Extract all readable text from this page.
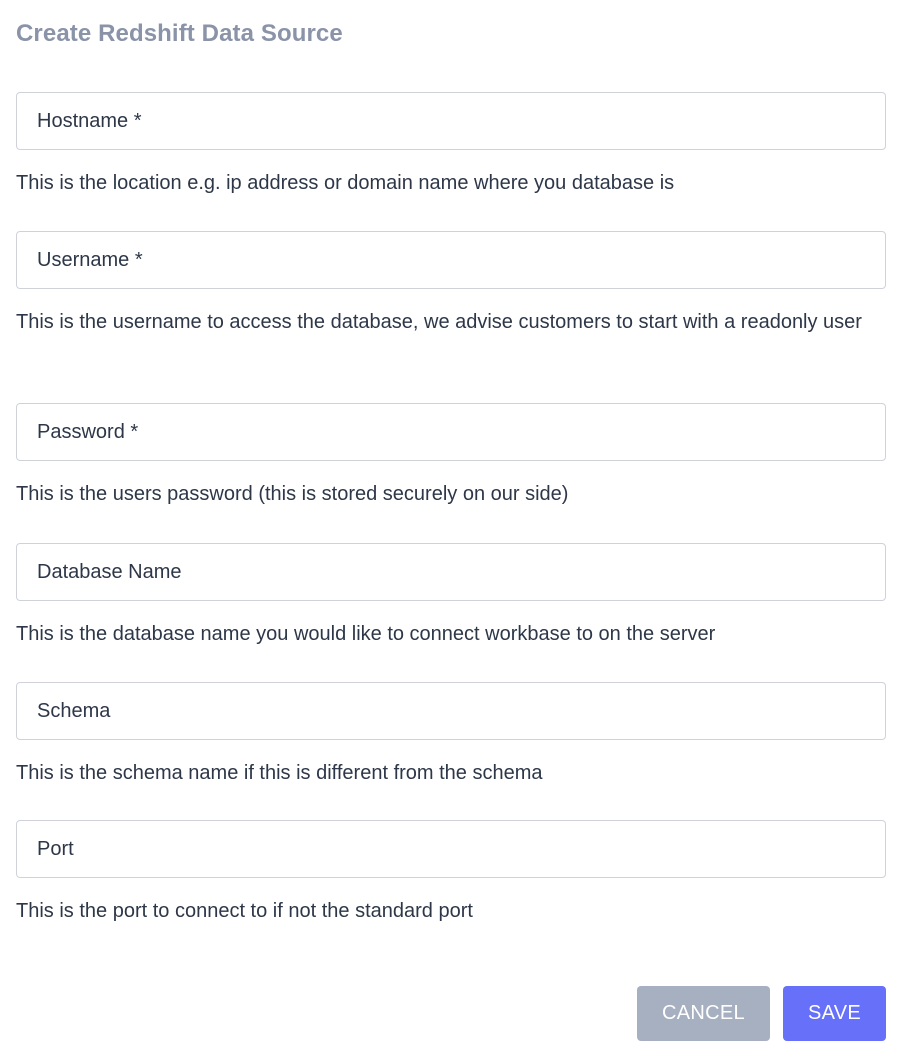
Create Redshift Data Source
Hostname *

This is the location e.g. ip address or domain name where you database is

Username *

This is the username to access the database, we advise customers to start with a readonly user

This is the users password (this is stored securely on our side)

Database Name

This is the database name you would like to connect workbase to on the server

Schema

This is the schema name if this is different from the schema

Port

This is the port to connect to if not the standard port

CANCEL	SAVE
